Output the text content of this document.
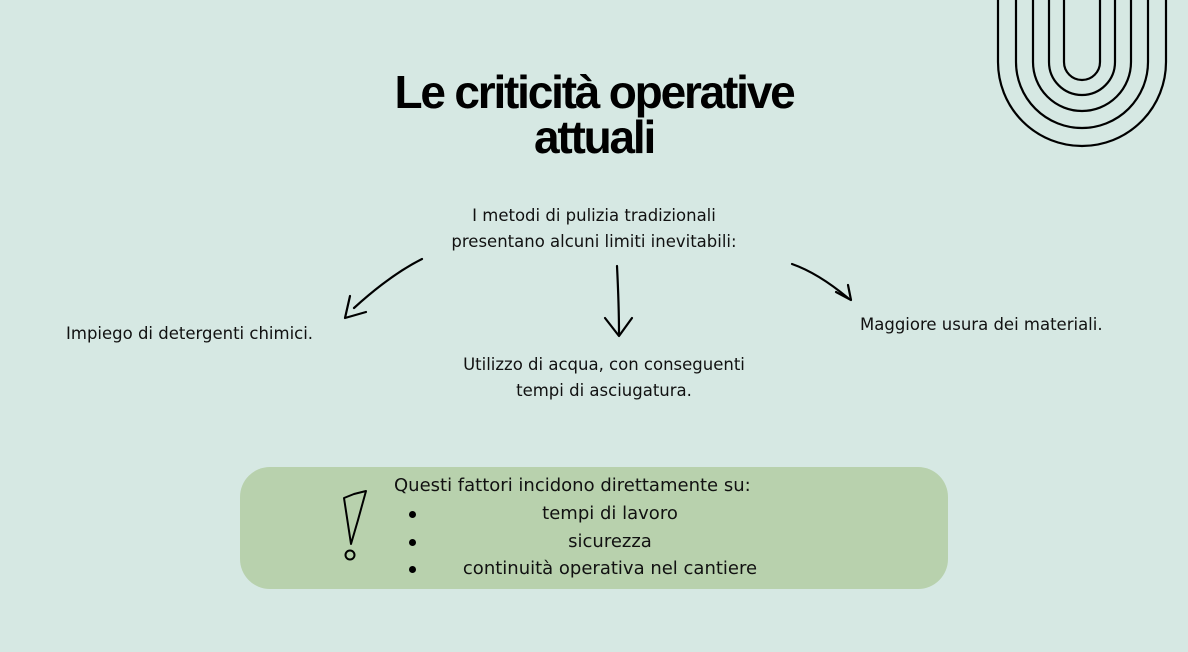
Le criticità operative
attuali
I metodi di pulizia tradizionali
presentano alcuni limiti inevitabili:
Impiego di detergenti chimici.
Utilizzo di acqua, con conseguenti
tempi di asciugatura.
Maggiore usura dei materiali.
Questi fattori incidono direttamente su:
tempi di lavoro
sicurezza
continuità operativa nel cantiere
